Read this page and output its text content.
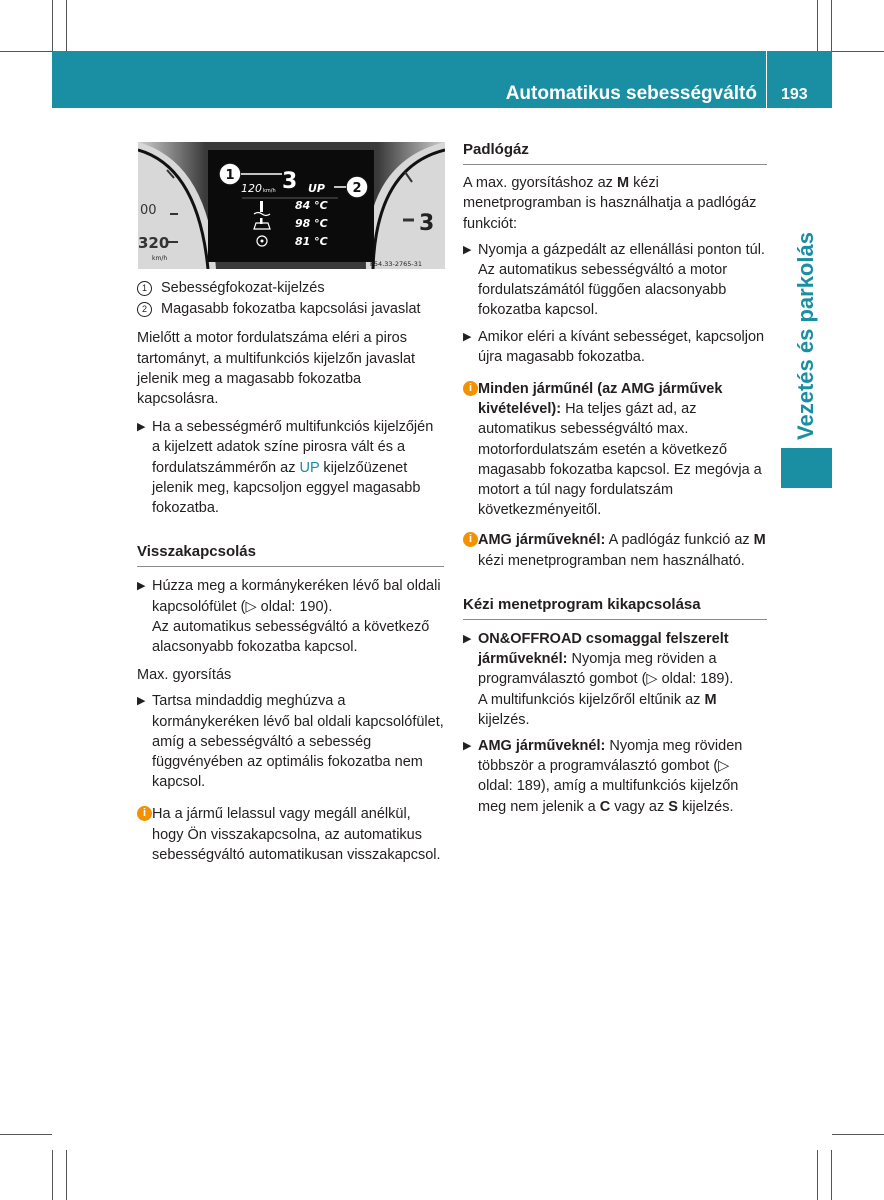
Automatikus sebességváltó 193
Vezetés és parkolás
00
320
km/h
3
1
2
120 km/h 3 UP
84 °C
98 °C
81 °C
P54.33-2765-31
1 Sebességfokozat-kijelzés
2 Magasabb fokozatba kapcsolási javaslat
Mielőtt a motor fordulatszáma eléri a piros tartományt, a multifunkciós kijelzőn javaslat jelenik meg a magasabb fokozatba kapcsolásra.
▶ Ha a sebességmérő multifunkciós kijelzőjén a kijelzett adatok színe pirosra vált és a fordulatszámmérőn az UP kijelzőüzenet jelenik meg, kapcsoljon eggyel magasabb fokozatba.
Visszakapcsolás
▶ Húzza meg a kormánykeréken lévő bal oldali kapcsolófület (▷ oldal: 190).
Az automatikus sebességváltó a következő alacsonyabb fokozatba kapcsol.
Max. gyorsítás
▶ Tartsa mindaddig meghúzva a kormánykeréken lévő bal oldali kapcsolófület, amíg a sebességváltó a sebesség függvényében az optimális fokozatba nem kapcsol.
i Ha a jármű lelassul vagy megáll anélkül, hogy Ön visszakapcsolna, az automatikus sebességváltó automatikusan visszakapcsol.
Padlógáz
A max. gyorsításhoz az M kézi menetprogramban is használhatja a padlógáz funkciót:
▶ Nyomja a gázpedált az ellenállási ponton túl.
Az automatikus sebességváltó a motor fordulatszámától függően alacsonyabb fokozatba kapcsol.
▶ Amikor eléri a kívánt sebességet, kapcsoljon újra magasabb fokozatba.
i Minden járműnél (az AMG járművek kivételével): Ha teljes gázt ad, az automatikus sebességváltó max. motorfordulatszám esetén a következő magasabb fokozatba kapcsol. Ez megóvja a motort a túl nagy fordulatszám következményeitől.
i AMG járműveknél: A padlógáz funkció az M kézi menetprogramban nem használható.
Kézi menetprogram kikapcsolása
▶ ON&OFFROAD csomaggal felszerelt járműveknél: Nyomja meg röviden a programválasztó gombot (▷ oldal: 189).
A multifunkciós kijelzőről eltűnik az M kijelzés.
▶ AMG járműveknél: Nyomja meg röviden többször a programválasztó gombot (▷ oldal: 189), amíg a multifunkciós kijelzőn meg nem jelenik a C vagy az S kijelzés.
